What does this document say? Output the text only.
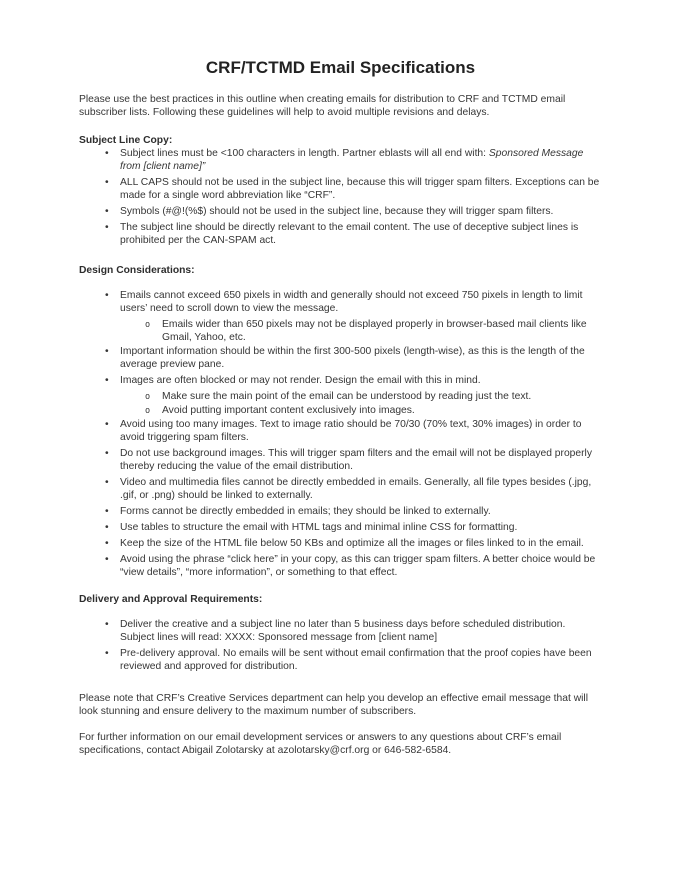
CRF/TCTMD Email Specifications

Please use the best practices in this outline when creating emails for distribution to CRF and TCTMD email subscriber lists. Following these guidelines will help to avoid multiple revisions and delays.

Subject Line Copy:
• Subject lines must be <100 characters in length. Partner eblasts will all end with: Sponsored Message from [client name]”
• ALL CAPS should not be used in the subject line, because this will trigger spam filters. Exceptions can be made for a single word abbreviation like “CRF”.
• Symbols (#@!(%$) should not be used in the subject line, because they will trigger spam filters.
• The subject line should be directly relevant to the email content. The use of deceptive subject lines is prohibited per the CAN-SPAM act.
Design Considerations:
• Emails cannot exceed 650 pixels in width and generally should not exceed 750 pixels in length to limit users’ need to scroll down to view the message.
o Emails wider than 650 pixels may not be displayed properly in browser-based mail clients like Gmail, Yahoo, etc.
• Important information should be within the first 300-500 pixels (length-wise), as this is the length of the average preview pane.
• Images are often blocked or may not render. Design the email with this in mind.
o Make sure the main point of the email can be understood by reading just the text.
o Avoid putting important content exclusively into images.
• Avoid using too many images. Text to image ratio should be 70/30 (70% text, 30% images) in order to avoid triggering spam filters.
• Do not use background images. This will trigger spam filters and the email will not be displayed properly thereby reducing the value of the email distribution.
• Video and multimedia files cannot be directly embedded in emails. Generally, all file types besides (.jpg, .gif, or .png) should be linked to externally.
• Forms cannot be directly embedded in emails; they should be linked to externally.
• Use tables to structure the email with HTML tags and minimal inline CSS for formatting.
• Keep the size of the HTML file below 50 KBs and optimize all the images or files linked to in the email.
• Avoid using the phrase “click here” in your copy, as this can trigger spam filters. A better choice would be “view details”, “more information”, or something to that effect.
Delivery and Approval Requirements:
• Deliver the creative and a subject line no later than 5 business days before scheduled distribution. Subject lines will read: XXXX: Sponsored message from [client name]
• Pre-delivery approval. No emails will be sent without email confirmation that the proof copies have been reviewed and approved for distribution.

Please note that CRF’s Creative Services department can help you develop an effective email message that will look stunning and ensure delivery to the maximum number of subscribers.

For further information on our email development services or answers to any questions about CRF’s email specifications, contact Abigail Zolotarsky at azolotarsky@crf.org or 646-582-6584.
